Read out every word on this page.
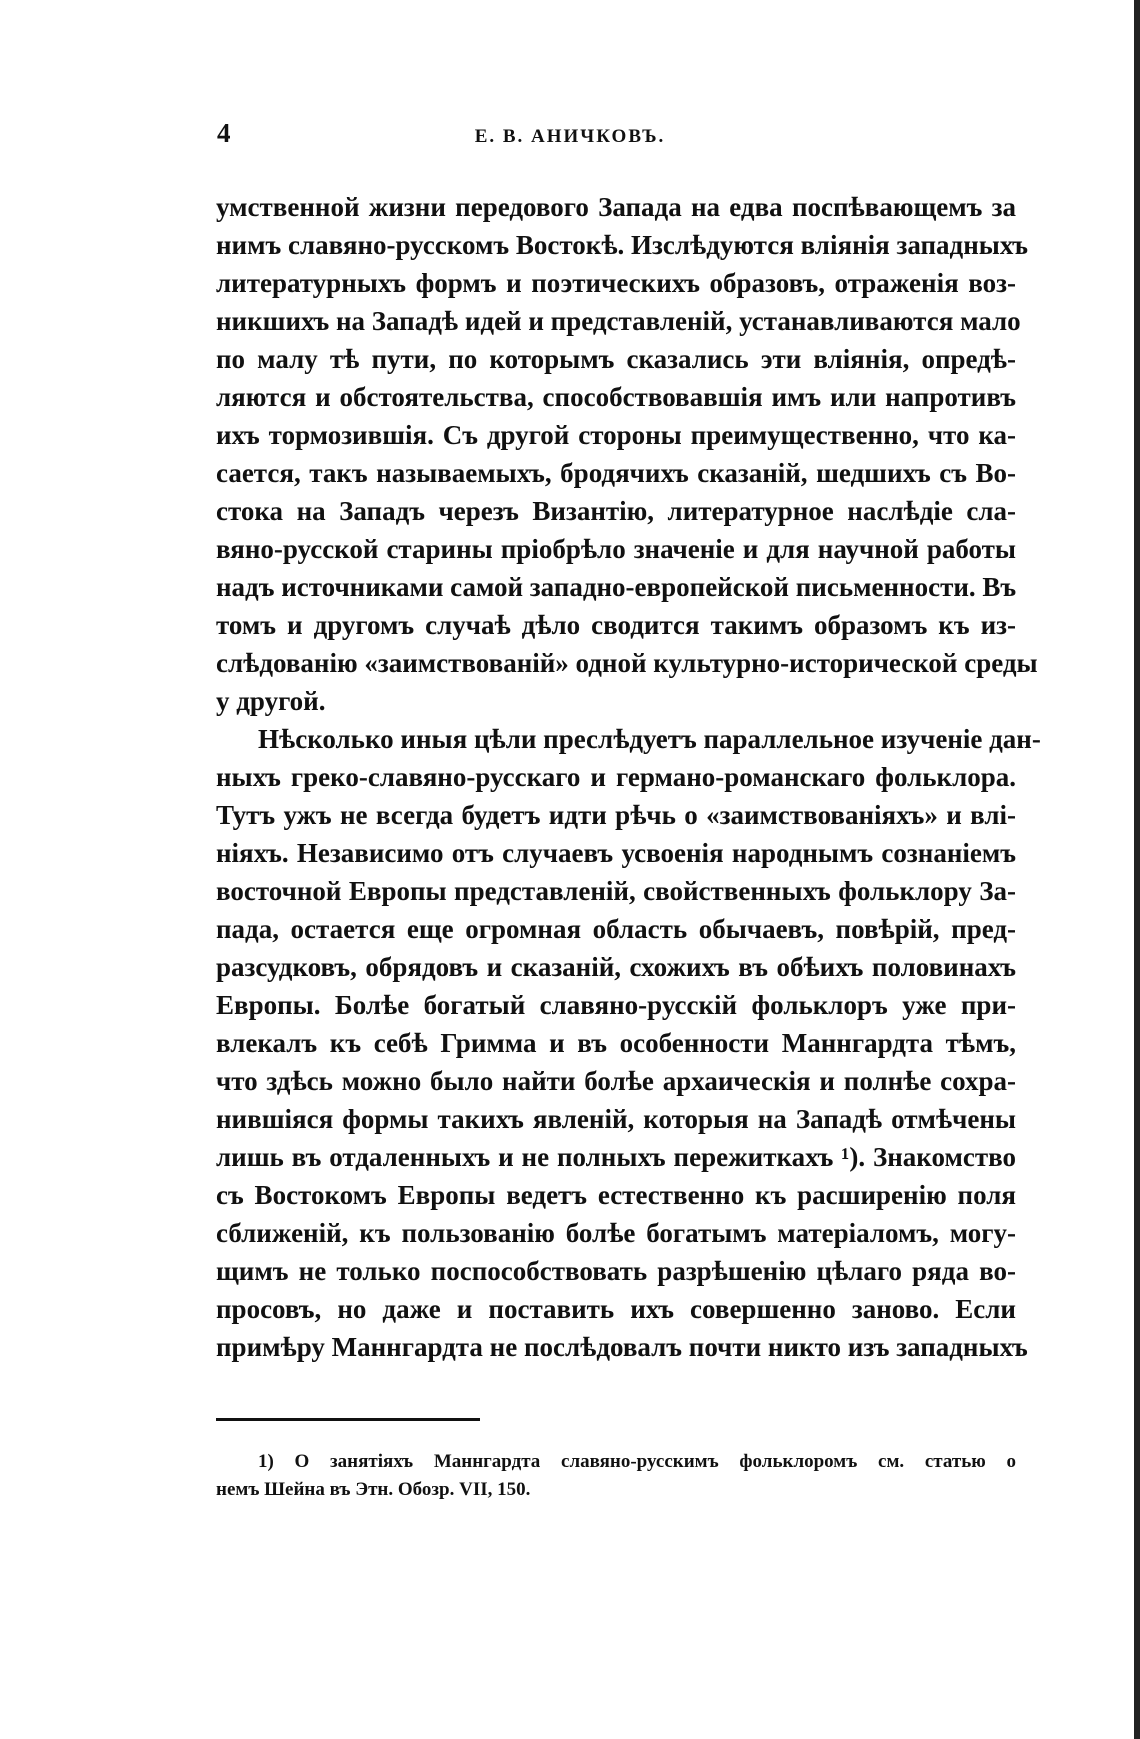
4	Е. В. АНИЧКОВЪ.
умственной жизни передового Запада на едва поспѣвающемъ за
нимъ славяно-русскомъ Востокѣ. Изслѣдуются вліянія западныхъ
литературныхъ формъ и поэтическихъ образовъ, отраженія воз-
никшихъ на Западѣ идей и представленій, устанавливаются мало
по малу тѣ пути, по которымъ сказались эти вліянія, опредѣ-
ляются и обстоятельства, способствовавшія имъ или напротивъ
ихъ тормозившія. Съ другой стороны преимущественно, что ка-
сается, такъ называемыхъ, бродячихъ сказаній, шедшихъ съ Во-
стока на Западъ черезъ Византію, литературное наслѣдіе сла-
вяно-русской старины пріобрѣло значеніе и для научной работы
надъ источниками самой западно-европейской письменности. Въ
томъ и другомъ случаѣ дѣло сводится такимъ образомъ къ из-
слѣдованію «заимствованій» одной культурно-исторической среды
у другой.
Нѣсколько иныя цѣли преслѣдуетъ параллельное изученіе дан-
ныхъ греко-славяно-русскаго и германо-романскаго фольклора.
Тутъ ужъ не всегда будетъ идти рѣчь о «заимствованіяхъ» и влі-
ніяхъ. Независимо отъ случаевъ усвоенія народнымъ сознаніемъ
восточной Европы представленій, свойственныхъ фольклору За-
пада, остается еще огромная область обычаевъ, повѣрій, пред-
разсудковъ, обрядовъ и сказаній, схожихъ въ обѣихъ половинахъ
Европы. Болѣе богатый славяно-русскій фольклоръ уже при-
влекалъ къ себѣ Гримма и въ особенности Маннгардта тѣмъ,
что здѣсь можно было найти болѣе архаическія и полнѣе сохра-
нившіяся формы такихъ явленій, которыя на Западѣ отмѣчены
лишь въ отдаленныхъ и не полныхъ пережиткахъ ¹). Знакомство
съ Востокомъ Европы ведетъ естественно къ расширенію поля
сближеній, къ пользованію болѣе богатымъ матеріаломъ, могу-
щимъ не только поспособствовать разрѣшенію цѣлаго ряда во-
просовъ, но даже и поставить ихъ совершенно заново. Если
примѣру Маннгардта не послѣдовалъ почти никто изъ западныхъ
1) О занятіяхъ Маннгардта славяно-русскимъ фольклоромъ см. статью о
немъ Шейна въ Этн. Обозр. VII, 150.
